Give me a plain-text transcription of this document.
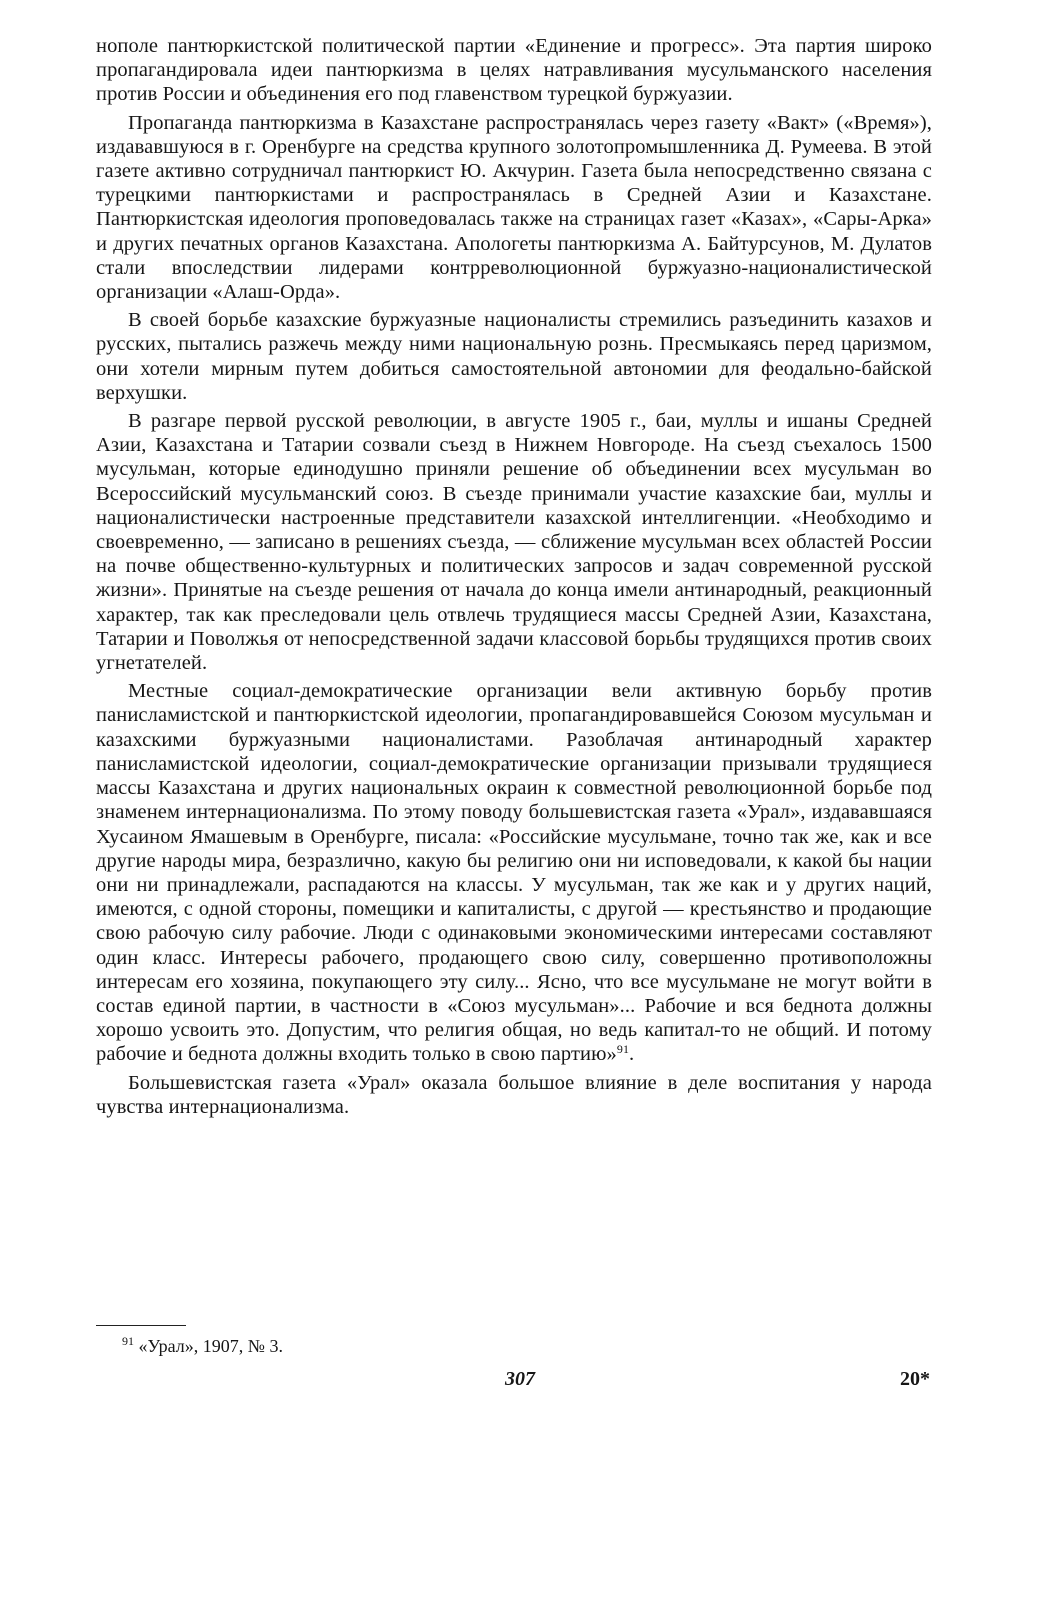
нополе пантюркистской политической партии «Единение и прогресс». Эта партия широко пропагандировала идеи пантюркизма в целях натравливания мусульманского населения против России и объединения его под главенством турецкой буржуазии.

Пропаганда пантюркизма в Казахстане распространялась через газету «Вакт» («Время»), издававшуюся в г. Оренбурге на средства крупного золотопромышленника Д. Румеева. В этой газете активно сотрудничал пантюркист Ю. Акчурин. Газета была непосредственно связана с турецкими пантюркистами и распространялась в Средней Азии и Казахстане. Пантюркистская идеология проповедовалась также на страницах газет «Казах», «Сары-Арка» и других печатных органов Казахстана. Апологеты пантюркизма А. Байтурсунов, М. Дулатов стали впоследствии лидерами контрреволюционной буржуазно-националистической организации «Алаш-Орда».

В своей борьбе казахские буржуазные националисты стремились разъединить казахов и русских, пытались разжечь между ними национальную рознь. Пресмыкаясь перед царизмом, они хотели мирным путем добиться самостоятельной автономии для феодально-байской верхушки.

В разгаре первой русской революции, в августе 1905 г., баи, муллы и ишаны Средней Азии, Казахстана и Татарии созвали съезд в Нижнем Новгороде. На съезд съехалось 1500 мусульман, которые единодушно приняли решение об объединении всех мусульман во Всероссийский мусульманский союз. В съезде принимали участие казахские баи, муллы и националистически настроенные представители казахской интеллигенции. «Необходимо и своевременно, — записано в решениях съезда, — сближение мусульман всех областей России на почве общественно-культурных и политических запросов и задач современной русской жизни». Принятые на съезде решения от начала до конца имели антинародный, реакционный характер, так как преследовали цель отвлечь трудящиеся массы Средней Азии, Казахстана, Татарии и Поволжья от непосредственной задачи классовой борьбы трудящихся против своих угнетателей.

Местные социал-демократические организации вели активную борьбу против панисламистской и пантюркистской идеологии, пропагандировавшейся Союзом мусульман и казахскими буржуазными националистами. Разоблачая антинародный характер панисламистской идеологии, социал-демократические организации призывали трудящиеся массы Казахстана и других национальных окраин к совместной революционной борьбе под знаменем интернационализма. По этому поводу большевистская газета «Урал», издававшаяся Хусаином Ямашевым в Оренбурге, писала: «Российские мусульмане, точно так же, как и все другие народы мира, безразлично, какую бы религию они ни исповедовали, к какой бы нации они ни принадлежали, распадаются на классы. У мусульман, так же как и у других наций, имеются, с одной стороны, помещики и капиталисты, с другой — крестьянство и продающие свою рабочую силу рабочие. Люди с одинаковыми экономическими интересами составляют один класс. Интересы рабочего, продающего свою силу, совершенно противоположны интересам его хозяина, покупающего эту силу... Ясно, что все мусульмане не могут войти в состав единой партии, в частности в «Союз мусульман»... Рабочие и вся беднота должны хорошо усвоить это. Допустим, что религия общая, но ведь капитал-то не общий. И потому рабочие и беднота должны входить только в свою партию»$^{91}$.

Большевистская газета «Урал» оказала большое влияние в деле воспитания у народа чувства интернационализма.

$^{91}$ «Урал», 1907, № 3.

307	20*
